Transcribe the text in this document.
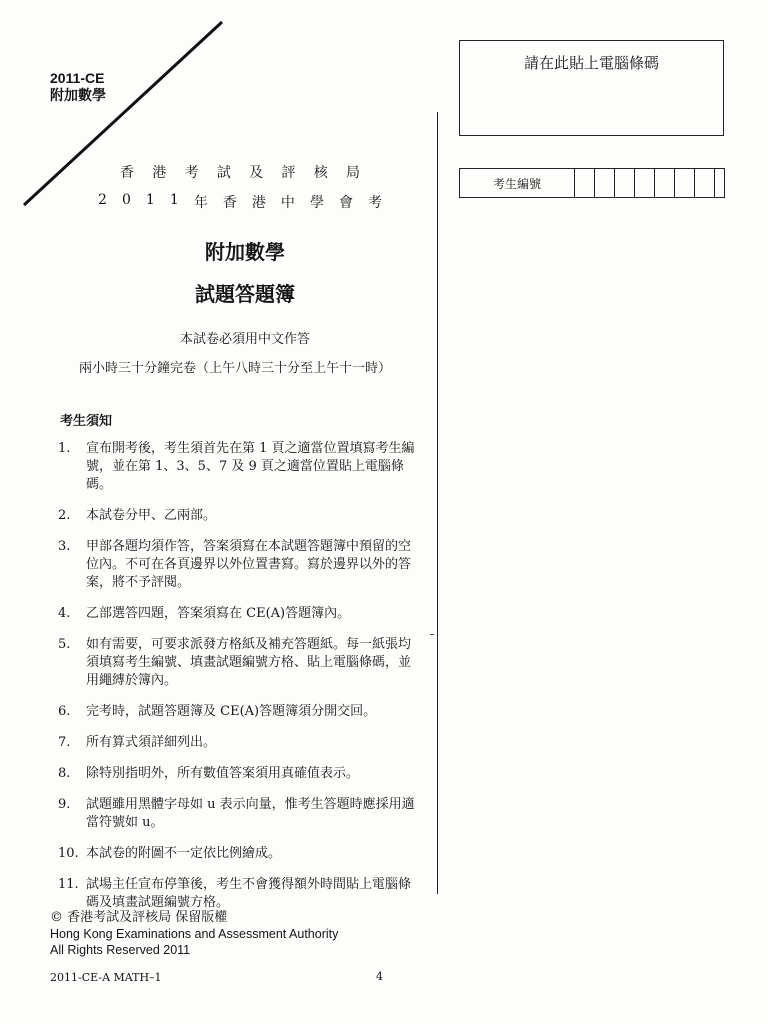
2011-CE
附加數學
香 港 考 試 及 評 核 局
2 0 1 1 年 香 港 中 學 會 考
附加數學
試題答題簿
本試卷必須用中文作答
兩小時三十分鐘完卷（上午八時三十分至上午十一時）
考生須知
1.	宣布開考後，考生須首先在第 1 頁之適當位置填寫考生編號，並在第 1、3、5、7 及 9 頁之適當位置貼上電腦條碼。
2.	本試卷分甲、乙兩部。
3.	甲部各題均須作答，答案須寫在本試題答題簿中預留的空位內。不可在各頁邊界以外位置書寫。寫於邊界以外的答案，將不予評閱。
4.	乙部選答四題，答案須寫在 CE(A)答題簿內。
5.	如有需要，可要求派發方格紙及補充答題紙。每一紙張均須填寫考生編號、填畫試題編號方格、貼上電腦條碼，並用繩縛於簿內。
6.	完考時，試題答題簿及 CE(A)答題簿須分開交回。
7.	所有算式須詳細列出。
8.	除特別指明外，所有數值答案須用真確值表示。
9.	試題雖用黑體字母如 u 表示向量，惟考生答題時應採用適當符號如 u。
10. 本試卷的附圖不一定依比例繪成。
11. 試場主任宣布停筆後，考生不會獲得額外時間貼上電腦條碼及填畫試題編號方格。
© 香港考試及評核局 保留版權
Hong Kong Examinations and Assessment Authority
All Rights Reserved 2011
2011-CE-A MATH–1	4
請在此貼上電腦條碼
考生編號
